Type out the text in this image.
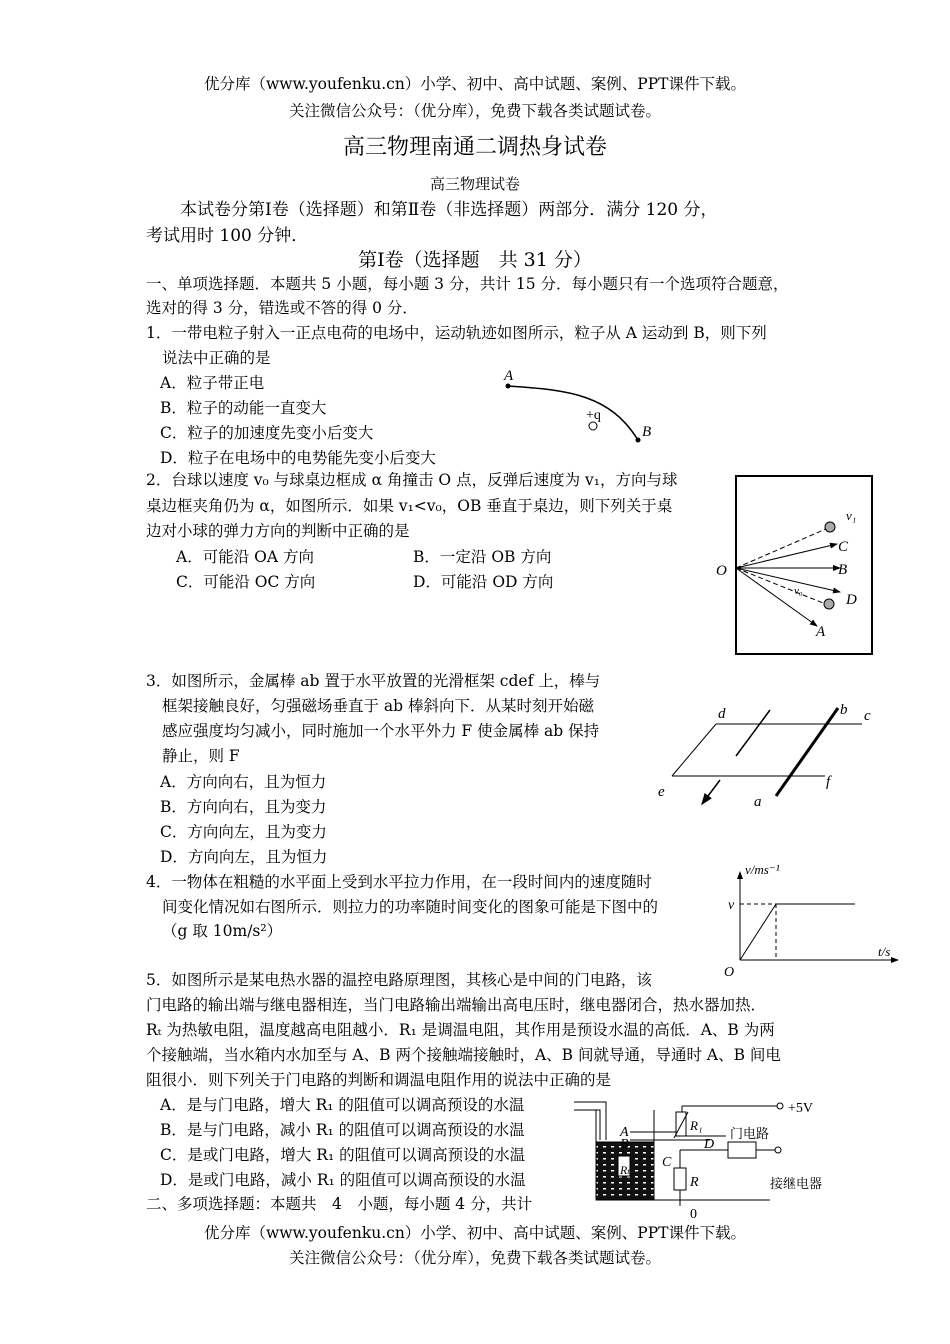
优分库（www.youfenku.cn）小学、初中、高中试题、案例、PPT课件下载。
关注微信公众号：（优分库），免费下载各类试题试卷。
高三物理南通二调热身试卷
高三物理试卷
本试卷分第Ⅰ卷（选择题）和第Ⅱ卷（非选择题）两部分．满分 120 分，
考试用时 100 分钟．
第Ⅰ卷（选择题　共 31 分）
一、单项选择题．本题共 5 小题，每小题 3 分，共计 15 分．每小题只有一个选项符合题意，
选对的得 3 分，错选或不答的得 0 分．
1．一带电粒子射入一正点电荷的电场中，运动轨迹如图所示，粒子从 A 运动到 B，则下列
说法中正确的是
A．粒子带正电
B．粒子的动能一直变大
C．粒子的加速度先变小后变大
D．粒子在电场中的电势能先变小后变大
A
B
+q
2．台球以速度 v₀ 与球桌边框成 α 角撞击 O 点，反弹后速度为 v₁，方向与球
桌边框夹角仍为 α，如图所示．如果 v₁<v₀，OB 垂直于桌边，则下列关于桌
边对小球的弹力方向的判断中正确的是
A．可能沿 OA 方向	B．一定沿 OB 方向
C．可能沿 OC 方向	D．可能沿 OD 方向
O
v₁
v₀
C
B
D
A
3．如图所示，金属棒 ab 置于水平放置的光滑框架 cdef 上，棒与
框架接触良好，匀强磁场垂直于 ab 棒斜向下．从某时刻开始磁
感应强度均匀减小，同时施加一个水平外力 F 使金属棒 ab 保持
静止，则 F
A．方向向右，且为恒力
B．方向向右，且为变力
C．方向向左，且为变力
D．方向向左，且为恒力
d	b c
e
f
a
4．一物体在粗糙的水平面上受到水平拉力作用，在一段时间内的速度随时
间变化情况如右图所示．则拉力的功率随时间变化的图象可能是下图中的
（g 取 10m/s²）
v/ms⁻¹
t/s
v
O
5．如图所示是某电热水器的温控电路原理图，其核心是中间的门电路，该
门电路的输出端与继电器相连，当门电路输出端输出高电压时，继电器闭合，热水器加热．
Rₜ 为热敏电阻，温度越高电阻越小．R₁ 是调温电阻，其作用是预设水温的高低．A、B 为两
个接触端，当水箱内水加至与 A、B 两个接触端接触时，A、B 间就导通，导通时 A、B 间电
阻很小．则下列关于门电路的判断和调温电阻作用的说法中正确的是
A．是与门电路，增大 R₁ 的阻值可以调高预设的水温
B．是与门电路，减小 R₁ 的阻值可以调高预设的水温
C．是或门电路，增大 R₁ 的阻值可以调高预设的水温
D．是或门电路，减小 R₁ 的阻值可以调高预设的水温
二、多项选择题：本题共　4　小题，每小题 4 分，共计
Rₜ
A
B
+5V
R₁
D
门电路
接继电器
C
R
0
优分库（www.youfenku.cn）小学、初中、高中试题、案例、PPT课件下载。
关注微信公众号：（优分库），免费下载各类试题试卷。
